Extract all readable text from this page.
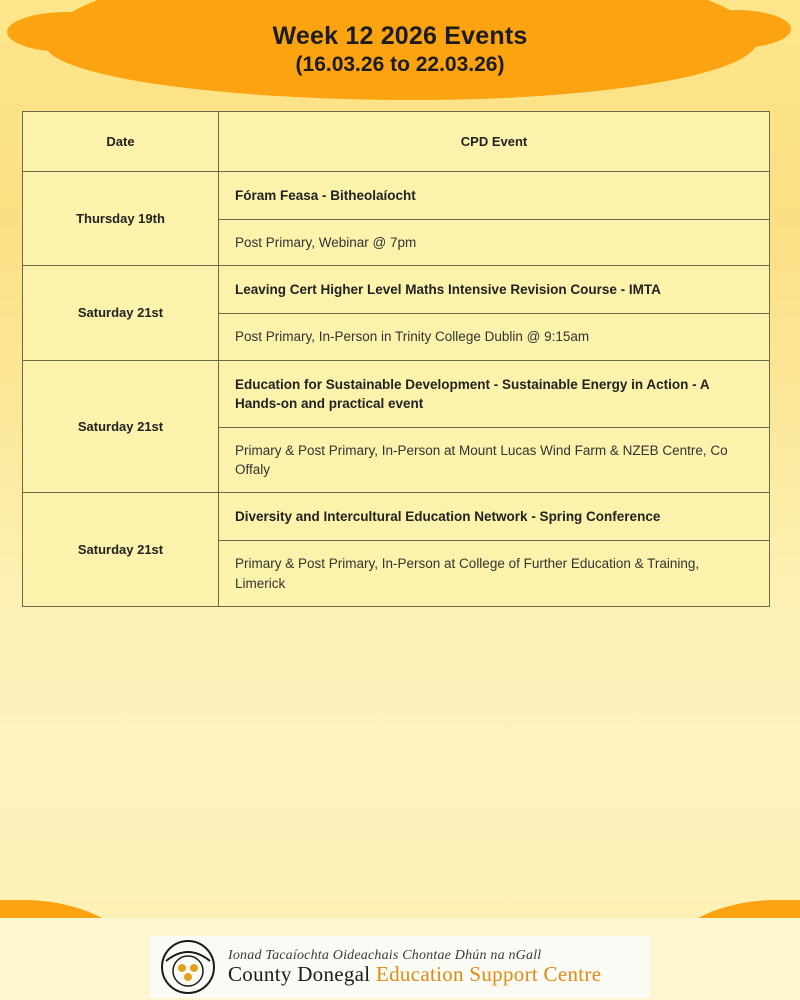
Week 12 2026 Events
(16.03.26 to 22.03.26)
Date	CPD Event
Thursday 19th	Fóram Feasa - Bitheolaíocht
	Post Primary, Webinar @ 7pm
Saturday 21st	Leaving Cert Higher Level Maths Intensive Revision Course - IMTA
	Post Primary, In-Person in Trinity College Dublin @ 9:15am
Saturday 21st	Education for Sustainable Development - Sustainable Energy in Action - A Hands-on and practical event
	Primary & Post Primary, In-Person at Mount Lucas Wind Farm & NZEB Centre, Co Offaly
Saturday 21st	Diversity and Intercultural Education Network - Spring Conference
	Primary & Post Primary, In-Person at College of Further Education & Training, Limerick
Ionad Tacaíochta Oideachais Chontae Dhún na nGall
County Donegal Education Support Centre
